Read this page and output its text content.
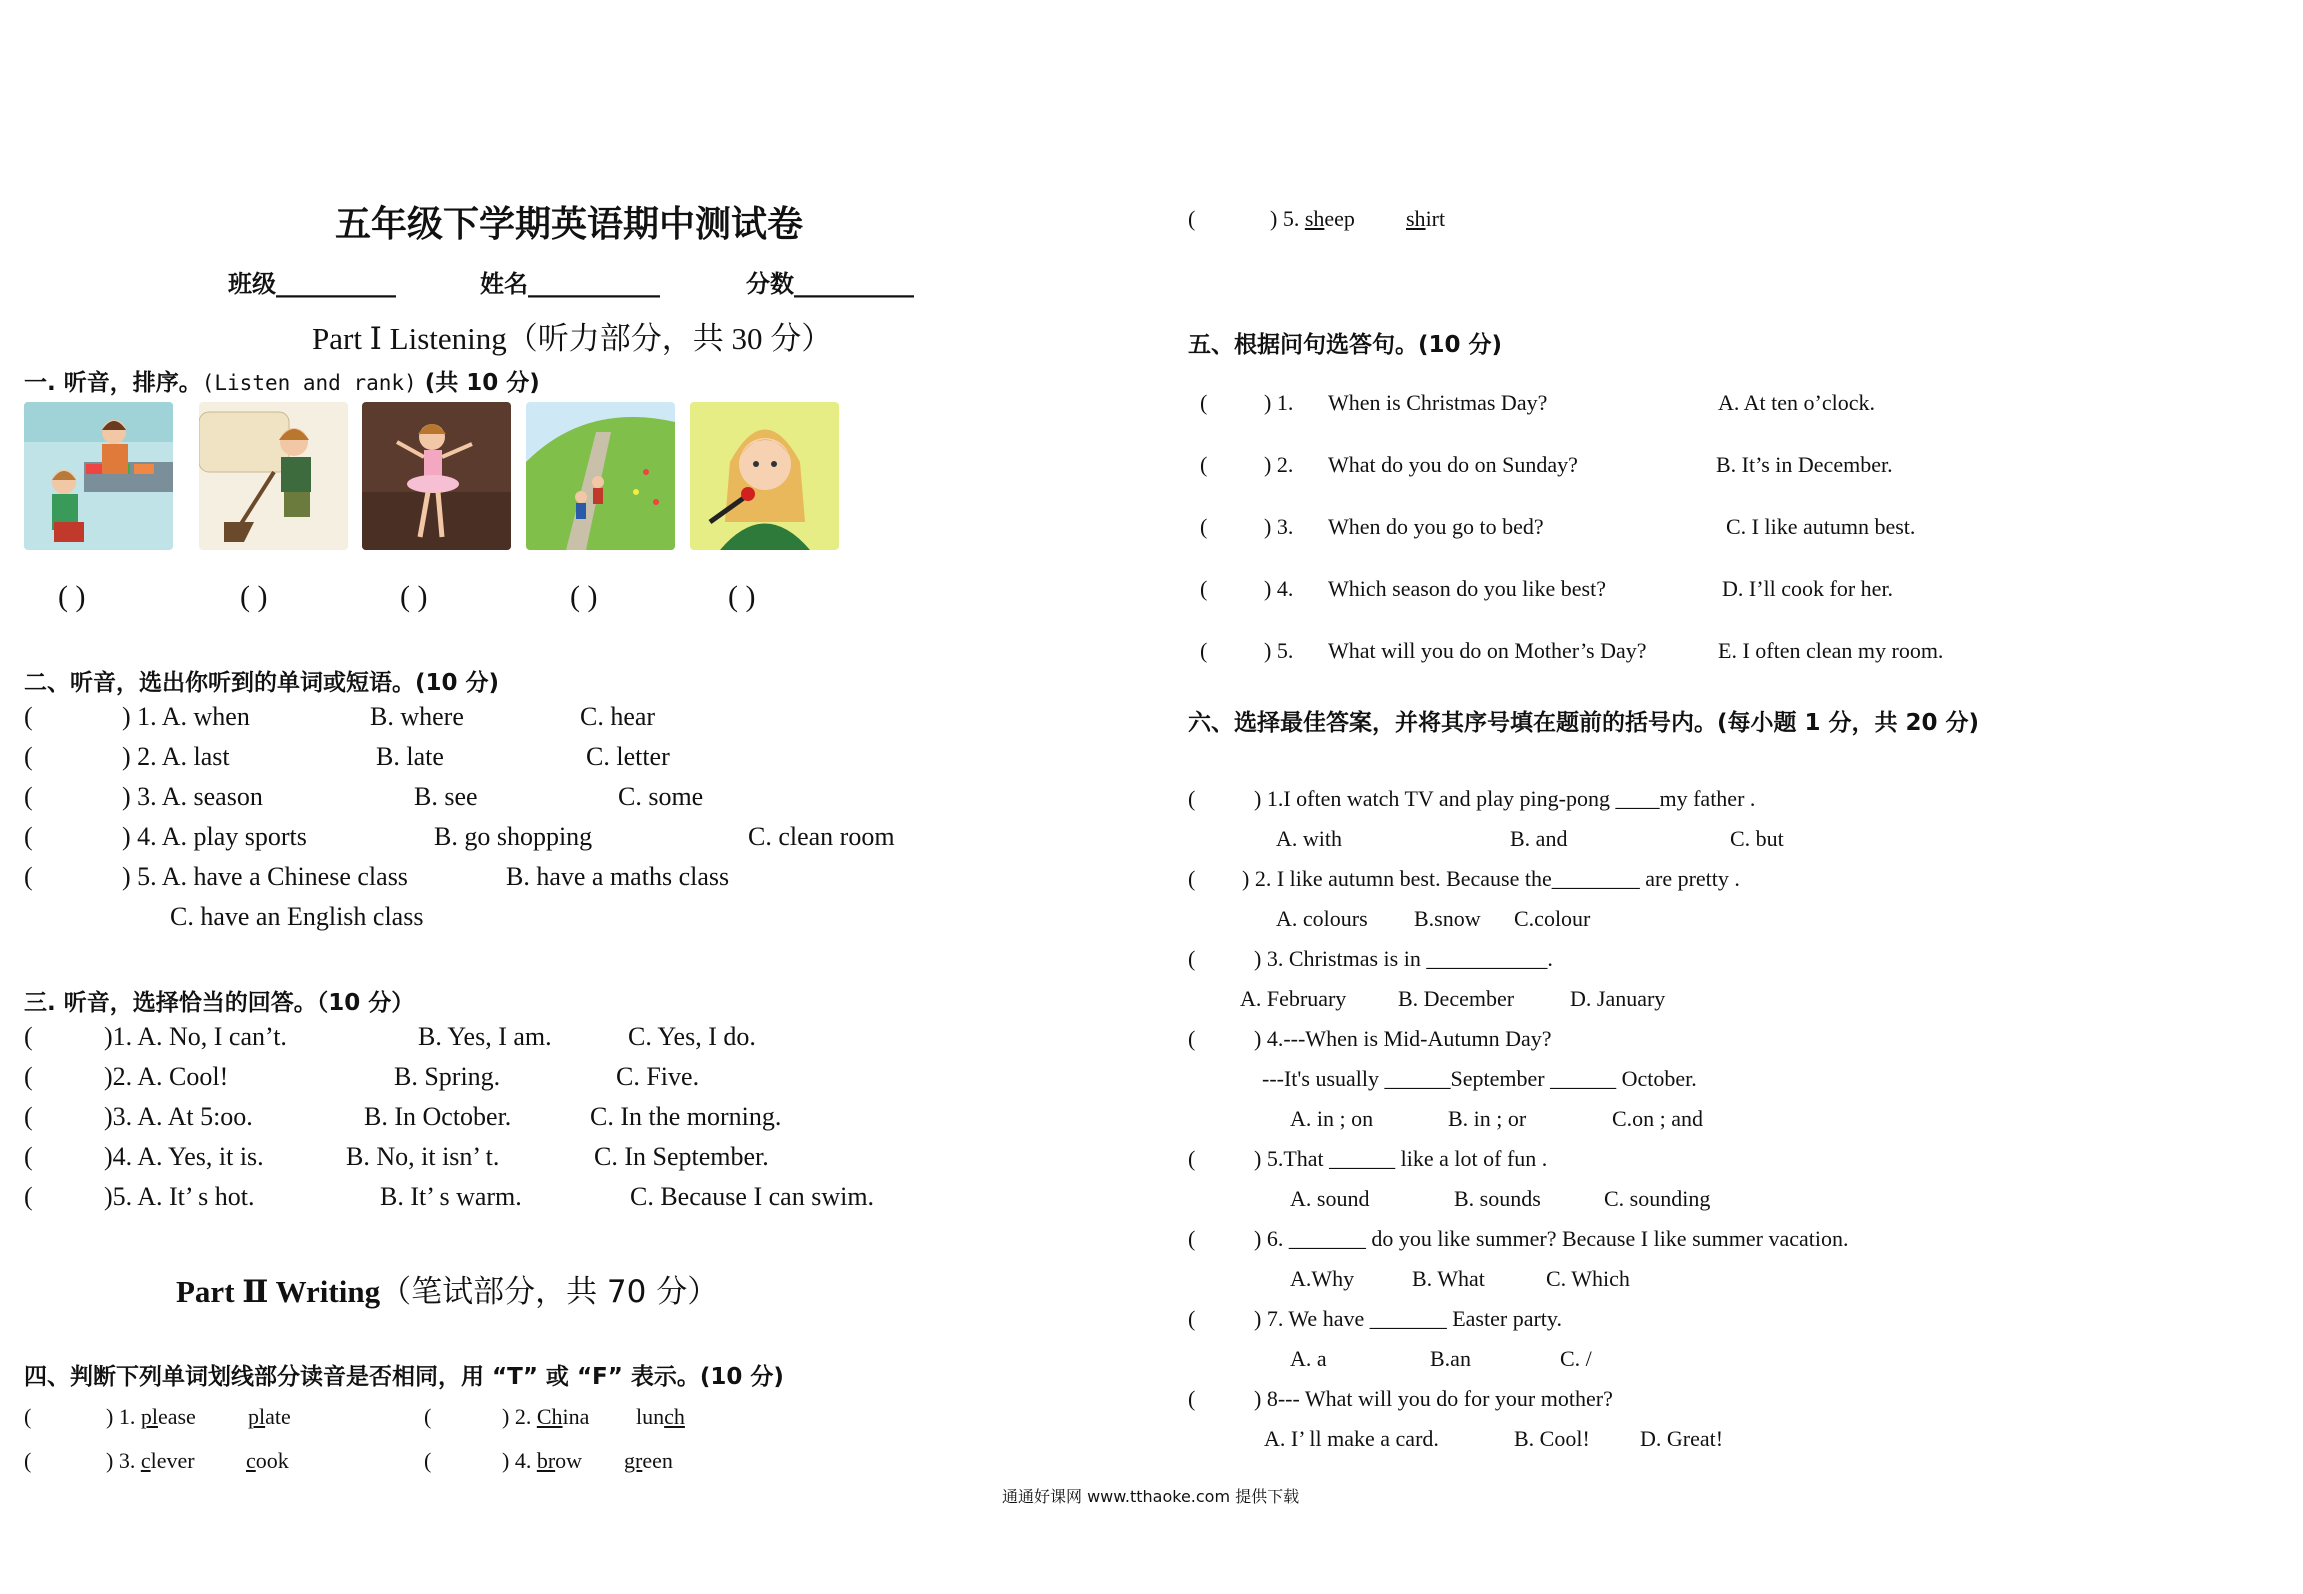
五年级下学期英语期中测试卷
班级__________	姓名___________	分数__________
Part Ⅰ Listening（听力部分，共 30 分）
一. 听音，排序。(Listen and rank) (共 10 分)
( )	( )	( )	( )	( )
二、听音，选出你听到的单词或短语。(10 分)
(	) 1. A. when	B. where	C. hear
(	) 2. A. last	B. late	C. letter
(	) 3. A. season	B. see	C. some
(	) 4. A. play sports	B. go shopping	C. clean room
(	) 5. A. have a Chinese class	B. have a maths class
C. have an English class
三. 听音，选择恰当的回答。（10 分）
(	)1. A. No, I can’t.	B. Yes, I am.	C. Yes, I do.
(	)2. A. Cool!	B. Spring.	C. Five.
(	)3. A. At 5:oo.	B. In October.	C. In the morning.
(	)4. A. Yes, it is.	B. No, it isn’ t.	C. In September.
(	)5. A. It’ s hot.	B. It’ s warm.	C. Because I can swim.
Part Ⅱ Writing（笔试部分，共 70 分）
四、判断下列单词划线部分读音是否相同，用 “T” 或 “F” 表示。(10 分)
(	) 1. please plate	(	) 2. China lunch
(	) 3. clever cook	(	) 4. brow green
(	) 5. sheep shirt
五、根据问句选答句。(10 分)
(	) 1. When is Christmas Day?	A. At ten o’clock.
(	) 2. What do you do on Sunday?	B. It’s in December.
(	) 3. When do you go to bed?	C. I like autumn best.
(	) 4. Which season do you like best?	D. I’ll cook for her.
(	) 5. What will you do on Mother’s Day?	E. I often clean my room.
六、选择最佳答案，并将其序号填在题前的括号内。(每小题 1 分，共 20 分)
(	) 1.I often watch TV and play ping-pong ____my father .
A. with	B. and	C. but
( ) 2. I like autumn best. Because the________ are pretty .
A. colours B.snow C.colour
(	) 3. Christmas is in ___________.
A. February B. December	D. January
(	) 4.---When is Mid-Autumn Day?
---It's usually ______September ______ October.
A. in ; on	B. in ; or	C.on ; and
(	) 5.That ______ like a lot of fun .
A. sound	B. sounds	C. sounding
(	) 6. _______ do you like summer? Because I like summer vacation.
A.Why	B. What	C. Which
(	) 7. We have _______ Easter party.
A. a	B.an	C. /
(	) 8--- What will you do for your mother?
A. I’ ll make a card.	B. Cool! D. Great!
通通好课网 www.tthaoke.com 提供下载
